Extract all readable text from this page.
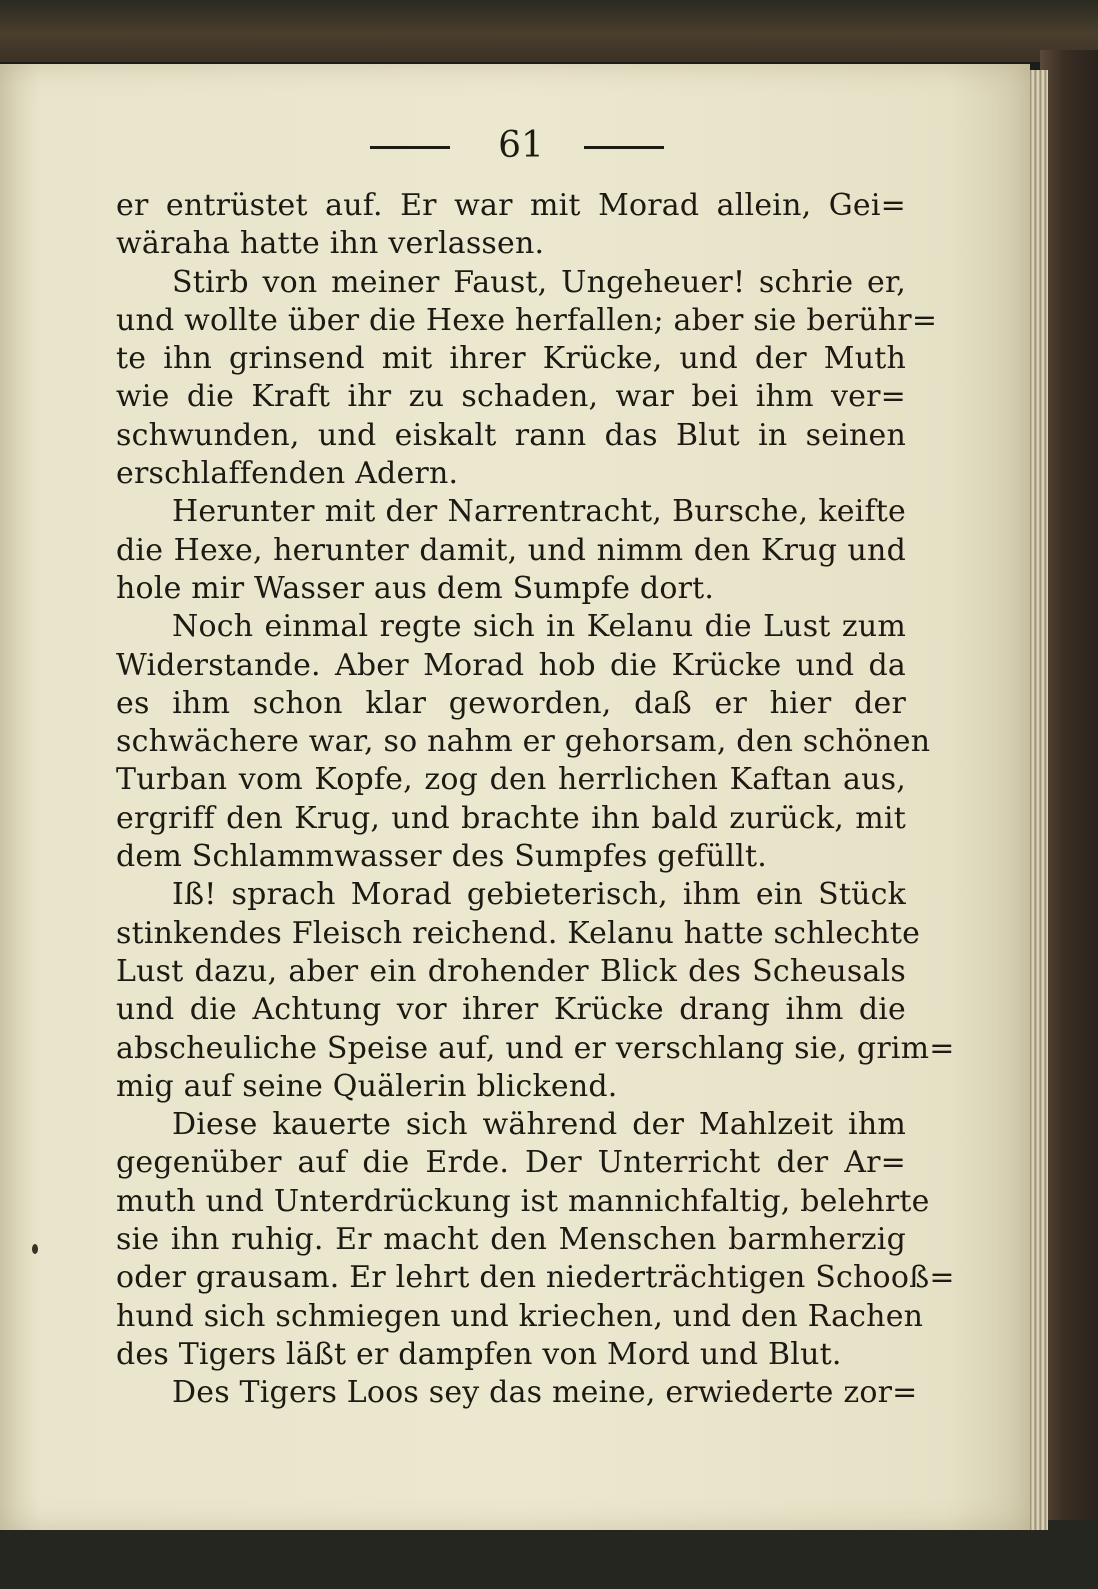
61
er entrüstet auf. Er war mit Morad allein, Gei=
wäraha hatte ihn verlassen.
Stirb von meiner Faust, Ungeheuer! schrie er,
und wollte über die Hexe herfallen; aber sie berühr=
te ihn grinsend mit ihrer Krücke, und der Muth
wie die Kraft ihr zu schaden, war bei ihm ver=
schwunden, und eiskalt rann das Blut in seinen
erschlaffenden Adern.
Herunter mit der Narrentracht, Bursche, keifte
die Hexe, herunter damit, und nimm den Krug und
hole mir Wasser aus dem Sumpfe dort.
Noch einmal regte sich in Kelanu die Lust zum
Widerstande. Aber Morad hob die Krücke und da
es ihm schon klar geworden, daß er hier der
schwächere war, so nahm er gehorsam, den schönen
Turban vom Kopfe, zog den herrlichen Kaftan aus,
ergriff den Krug, und brachte ihn bald zurück, mit
dem Schlammwasser des Sumpfes gefüllt.
Iß! sprach Morad gebieterisch, ihm ein Stück
stinkendes Fleisch reichend. Kelanu hatte schlechte
Lust dazu, aber ein drohender Blick des Scheusals
und die Achtung vor ihrer Krücke drang ihm die
abscheuliche Speise auf, und er verschlang sie, grim=
mig auf seine Quälerin blickend.
Diese kauerte sich während der Mahlzeit ihm
gegenüber auf die Erde. Der Unterricht der Ar=
muth und Unterdrückung ist mannichfaltig, belehrte
sie ihn ruhig. Er macht den Menschen barmherzig
oder grausam. Er lehrt den niederträchtigen Schooß=
hund sich schmiegen und kriechen, und den Rachen
des Tigers läßt er dampfen von Mord und Blut.
Des Tigers Loos sey das meine, erwiederte zor=
